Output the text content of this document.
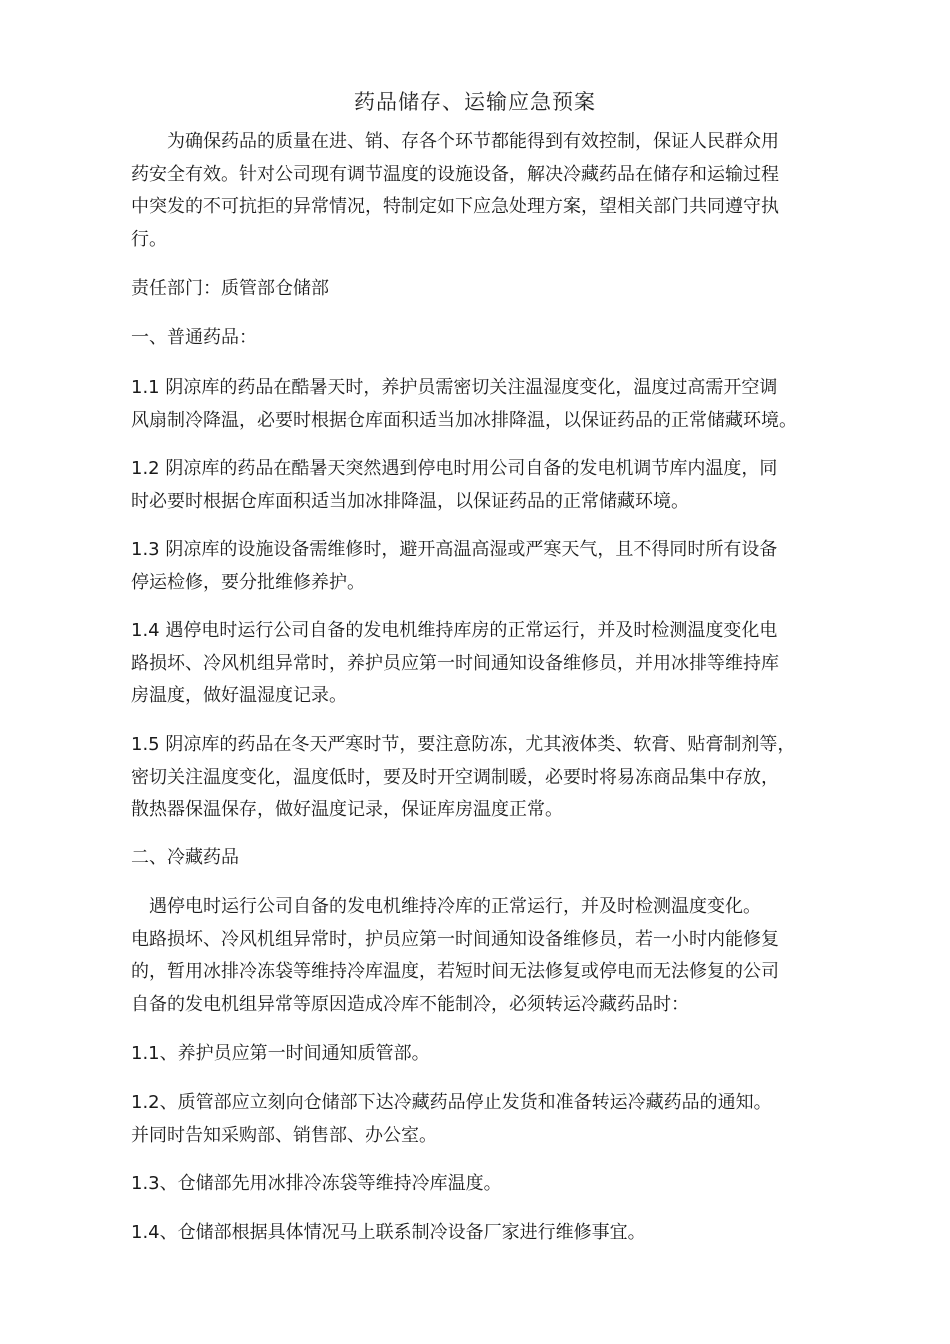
药品储存、运输应急预案
　　为确保药品的质量在进、销、存各个环节都能得到有效控制，保证人民群众用
药安全有效。针对公司现有调节温度的设施设备，解决冷藏药品在储存和运输过程
中突发的不可抗拒的异常情况，特制定如下应急处理方案，望相关部门共同遵守执
行。
责任部门：质管部仓储部
一、普通药品：
1.1 阴凉库的药品在酷暑天时，养护员需密切关注温湿度变化，温度过高需开空调
风扇制冷降温，必要时根据仓库面积适当加冰排降温，以保证药品的正常储藏环境。
1.2 阴凉库的药品在酷暑天突然遇到停电时用公司自备的发电机调节库内温度，同
时必要时根据仓库面积适当加冰排降温，以保证药品的正常储藏环境。
1.3 阴凉库的设施设备需维修时，避开高温高湿或严寒天气，且不得同时所有设备
停运检修，要分批维修养护。
1.4 遇停电时运行公司自备的发电机维持库房的正常运行，并及时检测温度变化电
路损坏、冷风机组异常时，养护员应第一时间通知设备维修员，并用冰排等维持库
房温度，做好温湿度记录。
1.5 阴凉库的药品在冬天严寒时节，要注意防冻，尤其液体类、软膏、贴膏制剂等，
密切关注温度变化，温度低时，要及时开空调制暖，必要时将易冻商品集中存放，
散热器保温保存，做好温度记录，保证库房温度正常。
二、冷藏药品
　遇停电时运行公司自备的发电机维持冷库的正常运行，并及时检测温度变化。
电路损坏、冷风机组异常时，护员应第一时间通知设备维修员，若一小时内能修复
的，暂用冰排冷冻袋等维持冷库温度，若短时间无法修复或停电而无法修复的公司
自备的发电机组异常等原因造成冷库不能制冷，必须转运冷藏药品时：
1.1、养护员应第一时间通知质管部。
1.2、质管部应立刻向仓储部下达冷藏药品停止发货和准备转运冷藏药品的通知。
并同时告知采购部、销售部、办公室。
1.3、仓储部先用冰排冷冻袋等维持冷库温度。
1.4、仓储部根据具体情况马上联系制冷设备厂家进行维修事宜。
